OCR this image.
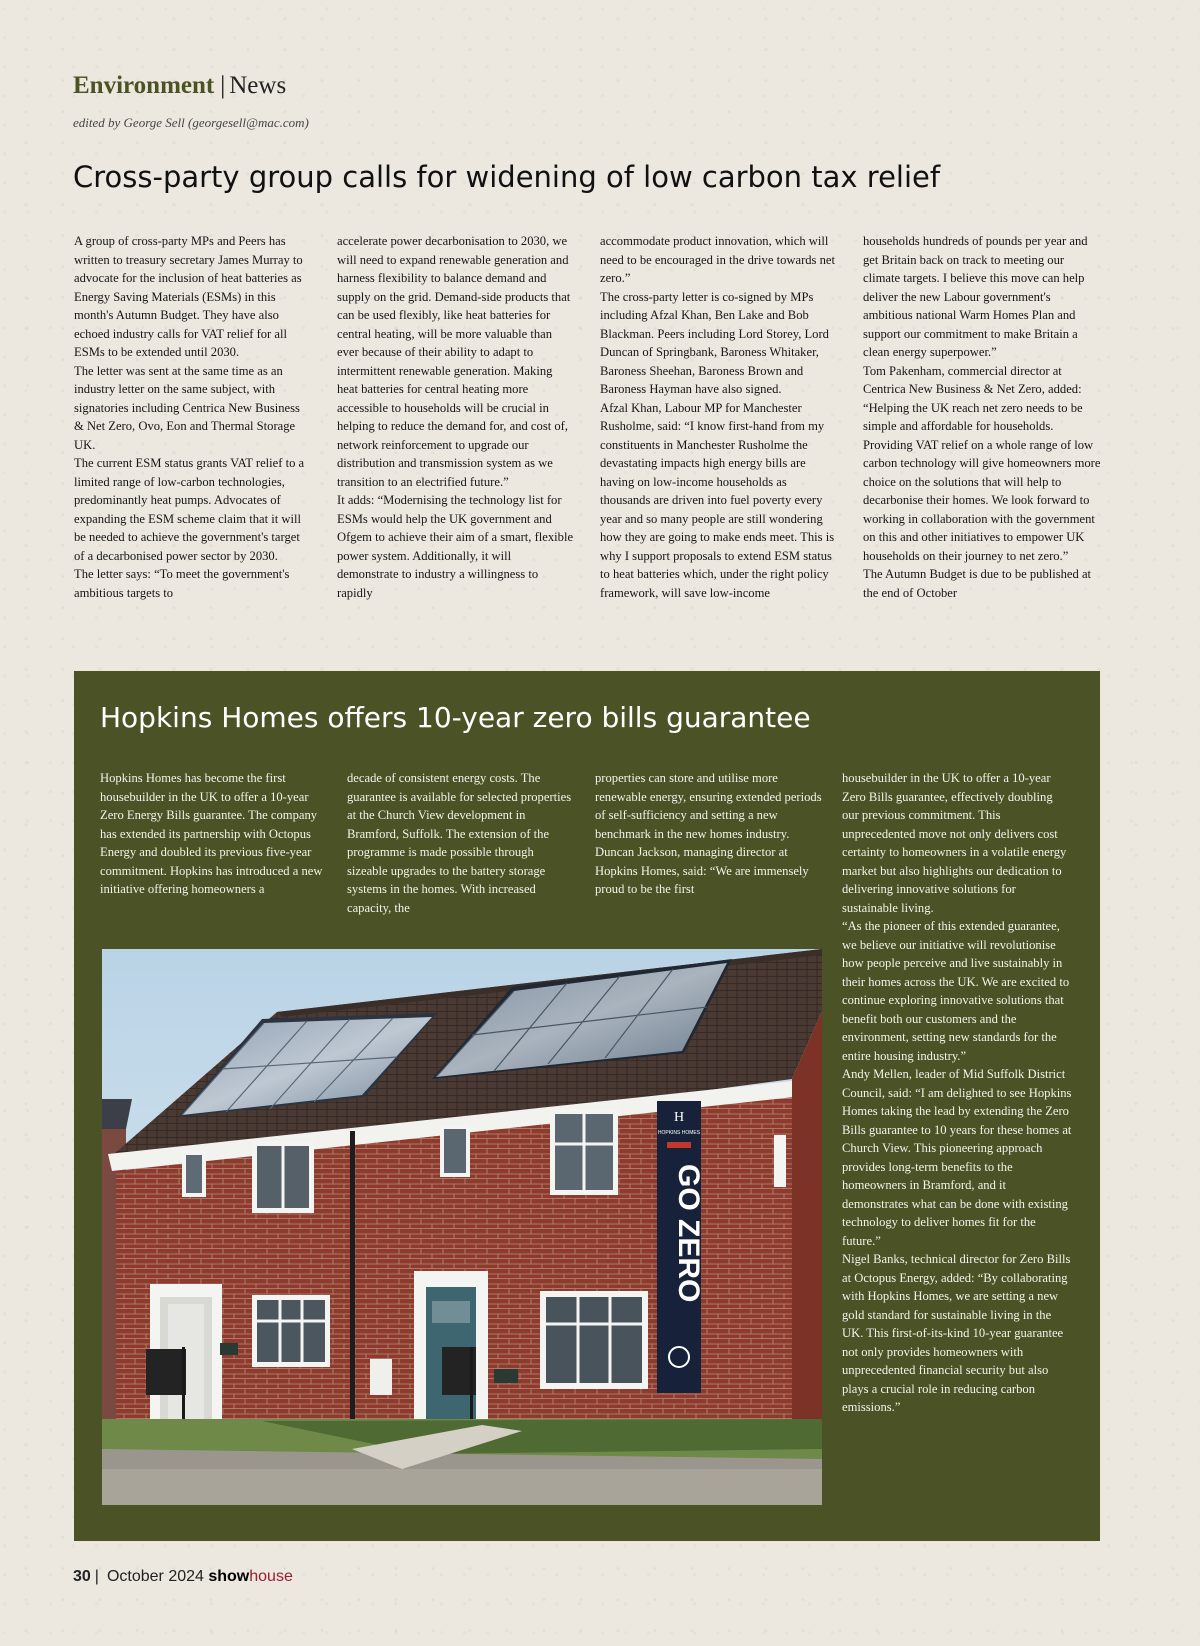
Environment | News
edited by George Sell (georgesell@mac.com)
Cross-party group calls for widening of low carbon tax relief

A group of cross-party MPs and Peers has written to treasury secretary James Murray to advocate for the inclusion of heat batteries as Energy Saving Materials (ESMs) in this month's Autumn Budget. They have also echoed industry calls for VAT relief for all ESMs to be extended until 2030.

The letter was sent at the same time as an industry letter on the same subject, with signatories including Centrica New Business & Net Zero, Ovo, Eon and Thermal Storage UK.

The current ESM status grants VAT relief to a limited range of low-carbon technologies, predominantly heat pumps. Advocates of expanding the ESM scheme claim that it will be needed to achieve the government's target of a decarbonised power sector by 2030.

The letter says: “To meet the government's ambitious targets to

accelerate power decarbonisation to 2030, we will need to expand renewable generation and harness flexibility to balance demand and supply on the grid. Demand-side products that can be used flexibly, like heat batteries for central heating, will be more valuable than ever because of their ability to adapt to intermittent renewable generation. Making heat batteries for central heating more accessible to households will be crucial in helping to reduce the demand for, and cost of, network reinforcement to upgrade our distribution and transmission system as we transition to an electrified future.”

It adds: “Modernising the technology list for ESMs would help the UK government and Ofgem to achieve their aim of a smart, flexible power system. Additionally, it will demonstrate to industry a willingness to rapidly

accommodate product innovation, which will need to be encouraged in the drive towards net zero.”

The cross-party letter is co-signed by MPs including Afzal Khan, Ben Lake and Bob Blackman. Peers including Lord Storey, Lord Duncan of Springbank, Baroness Whitaker, Baroness Sheehan, Baroness Brown and Baroness Hayman have also signed.

Afzal Khan, Labour MP for Manchester Rusholme, said: “I know first-hand from my constituents in Manchester Rusholme the devastating impacts high energy bills are having on low-income households as thousands are driven into fuel poverty every year and so many people are still wondering how they are going to make ends meet. This is why I support proposals to extend ESM status to heat batteries which, under the right policy framework, will save low-income

households hundreds of pounds per year and get Britain back on track to meeting our climate targets. I believe this move can help deliver the new Labour government's ambitious national Warm Homes Plan and support our commitment to make Britain a clean energy superpower.”

Tom Pakenham, commercial director at Centrica New Business & Net Zero, added: “Helping the UK reach net zero needs to be simple and affordable for households. Providing VAT relief on a whole range of low carbon technology will give homeowners more choice on the solutions that will help to decarbonise their homes. We look forward to working in collaboration with the government on this and other initiatives to empower UK households on their journey to net zero.”

The Autumn Budget is due to be published at the end of October

Hopkins Homes offers 10-year zero bills guarantee

Hopkins Homes has become the first housebuilder in the UK to offer a 10-year Zero Energy Bills guarantee. The company has extended its partnership with Octopus Energy and doubled its previous five-year commitment. Hopkins has introduced a new initiative offering homeowners a

decade of consistent energy costs. The guarantee is available for selected properties at the Church View development in Bramford, Suffolk. The extension of the programme is made possible through sizeable upgrades to the battery storage systems in the homes. With increased capacity, the

properties can store and utilise more renewable energy, ensuring extended periods of self-sufficiency and setting a new benchmark in the new homes industry.

Duncan Jackson, managing director at Hopkins Homes, said: “We are immensely proud to be the first

housebuilder in the UK to offer a 10-year Zero Bills guarantee, effectively doubling our previous commitment. This unprecedented move not only delivers cost certainty to homeowners in a volatile energy market but also highlights our dedication to delivering innovative solutions for sustainable living.

“As the pioneer of this extended guarantee, we believe our initiative will revolutionise how people perceive and live sustainably in their homes across the UK. We are excited to continue exploring innovative solutions that benefit both our customers and the environment, setting new standards for the entire housing industry.”

Andy Mellen, leader of Mid Suffolk District Council, said: “I am delighted to see Hopkins Homes taking the lead by extending the Zero Bills guarantee to 10 years for these homes at Church View. This pioneering approach provides long-term benefits to the homeowners in Bramford, and it demonstrates what can be done with existing technology to deliver homes fit for the future.”

Nigel Banks, technical director for Zero Bills at Octopus Energy, added: “By collaborating with Hopkins Homes, we are setting a new gold standard for sustainable living in the UK. This first-of-its-kind 10-year guarantee not only provides homeowners with unprecedented financial security but also plays a crucial role in reducing carbon emissions.”

H
HOPKINS HOMES
GO ZERO
30 | October 2024 showhouse
